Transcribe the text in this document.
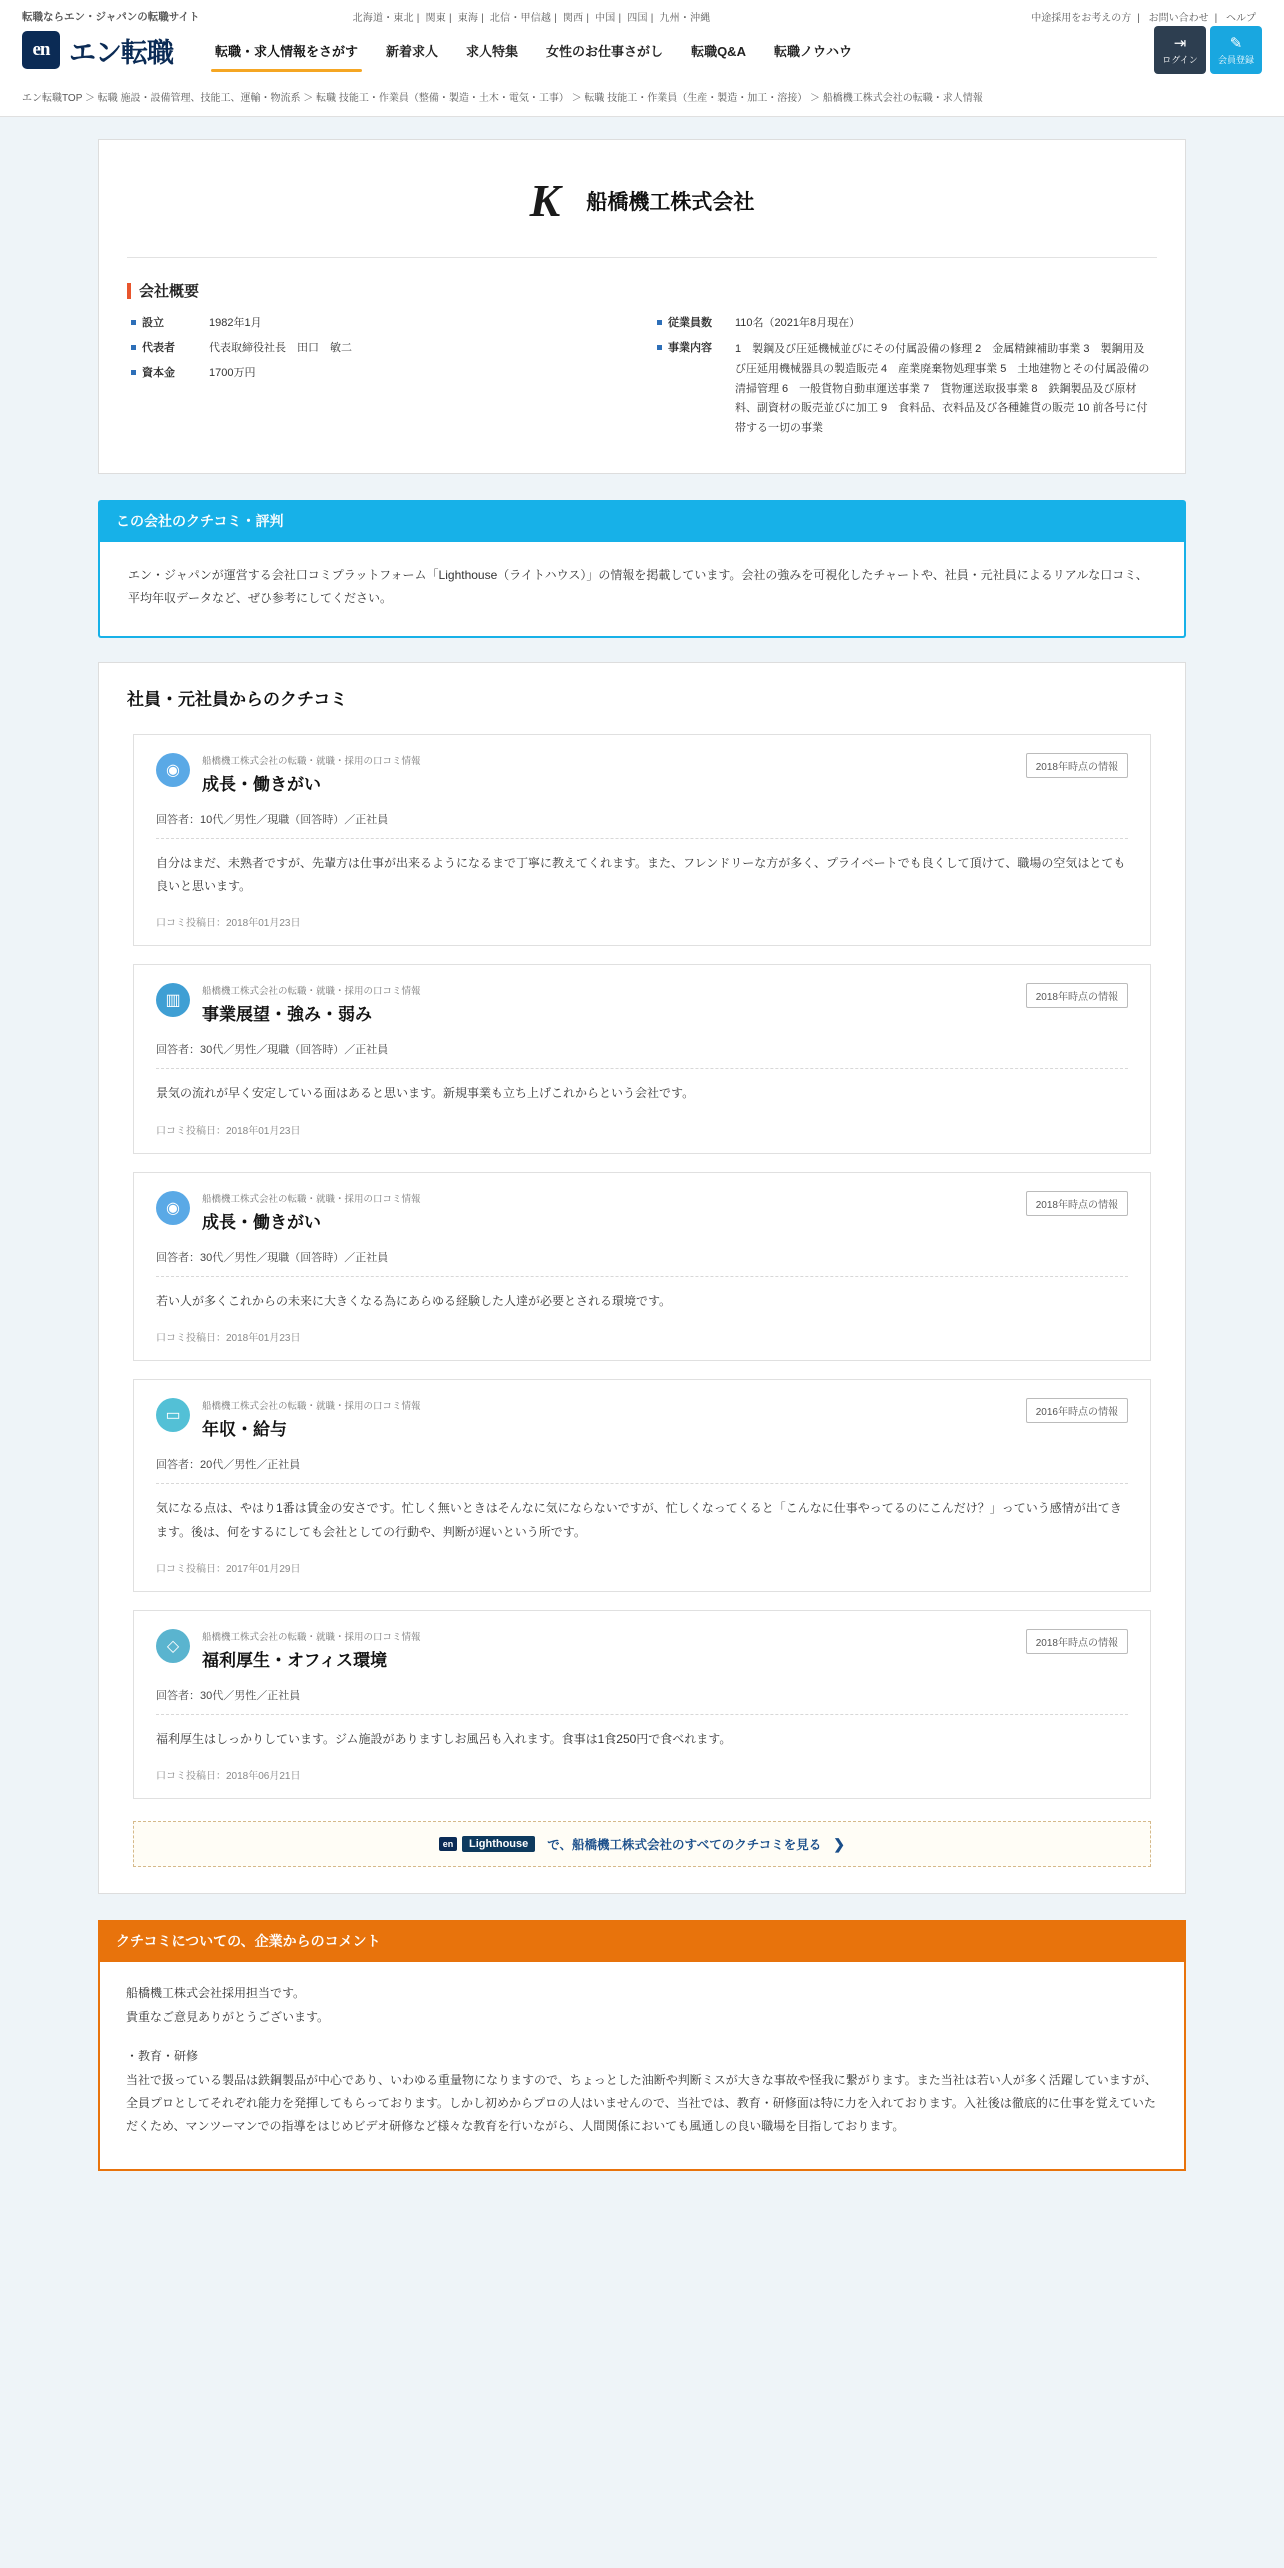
転職ならエン・ジャパンの転職サイト	北海道・東北 | 関東 | 東海 | 北信・甲信越 | 関西 | 中国 | 四国 | 九州・沖縄	中途採用をお考えの方 | お問い合わせ | ヘルプ
en エン転職	転職・求人情報をさがす	新着求人	求人特集	女性のお仕事さがし	転職Q&A	転職ノウハウ	⇥
ログイン
✎
会員登録
エン転職TOP ＞ 転職 施設・設備管理、技能工、運輸・物流系 ＞ 転職 技能工・作業員（整備・製造・土木・電気・工事） ＞ 転職 技能工・作業員（生産・製造・加工・溶接） ＞ 船橋機工株式会社の転職・求人情報
K 船橋機工株式会社
会社概要
設立	1982年1月
代表者	代表取締役社長　田口　敏二
資本金	1700万円
従業員数	110名（2021年8月現在）
事業内容	1　製鋼及び圧延機械並びにその付属設備の修理 2　金属精錬補助事業 3　製鋼用及び圧延用機械器具の製造販売 4　産業廃棄物処理事業 5　土地建物とその付属設備の清掃管理 6　一般貨物自動車運送事業 7　貨物運送取扱事業 8　鉄鋼製品及び原材料、副資材の販売並びに加工 9　食料品、衣料品及び各種雑貨の販売 10 前各号に付帯する一切の事業
この会社のクチコミ・評判

エン・ジャパンが運営する会社口コミプラットフォーム「Lighthouse（ライトハウス）」の情報を掲載しています。会社の強みを可視化したチャートや、社員・元社員によるリアルな口コミ、平均年収データなど、ぜひ参考にしてください。

社員・元社員からのクチコミ
◉
船橋機工株式会社の転職・就職・採用の口コミ情報
成長・働きがい
2018年時点の情報
回答者：10代／男性／現職（回答時）／正社員
自分はまだ、未熟者ですが、先輩方は仕事が出来るようになるまで丁寧に教えてくれます。また、フレンドリーな方が多く、プライベートでも良くして頂けて、職場の空気はとても良いと思います。
口コミ投稿日：2018年01月23日
▥
船橋機工株式会社の転職・就職・採用の口コミ情報
事業展望・強み・弱み
2018年時点の情報
回答者：30代／男性／現職（回答時）／正社員
景気の流れが早く安定している面はあると思います。新規事業も立ち上げこれからという会社です。
口コミ投稿日：2018年01月23日
◉
船橋機工株式会社の転職・就職・採用の口コミ情報
成長・働きがい
2018年時点の情報
回答者：30代／男性／現職（回答時）／正社員
若い人が多くこれからの未来に大きくなる為にあらゆる経験した人達が必要とされる環境です。
口コミ投稿日：2018年01月23日
▭
船橋機工株式会社の転職・就職・採用の口コミ情報
年収・給与
2016年時点の情報
回答者：20代／男性／正社員
気になる点は、やはり1番は賃金の安さです。忙しく無いときはそんなに気にならないですが、忙しくなってくると「こんなに仕事やってるのにこんだけ？」っていう感情が出てきます。後は、何をするにしても会社としての行動や、判断が遅いという所です。
口コミ投稿日：2017年01月29日
◇
船橋機工株式会社の転職・就職・採用の口コミ情報
福利厚生・オフィス環境
2018年時点の情報
回答者：30代／男性／正社員
福利厚生はしっかりしています。ジム施設がありますしお風呂も入れます。食事は1食250円で食べれます。
口コミ投稿日：2018年06月21日
en	Lighthouse	で、船橋機工株式会社のすべてのクチコミを見る ❯
クチコミについての、企業からのコメント

船橋機工株式会社採用担当です。

貴重なご意見ありがとうございます。

・教育・研修

当社で扱っている製品は鉄鋼製品が中心であり、いわゆる重量物になりますので、ちょっとした油断や判断ミスが大きな事故や怪我に繋がります。また当社は若い人が多く活躍していますが、全員プロとしてそれぞれ能力を発揮してもらっております。しかし初めからプロの人はいませんので、当社では、教育・研修面は特に力を入れております。入社後は徹底的に仕事を覚えていただくため、マンツーマンでの指導をはじめビデオ研修など様々な教育を行いながら、人間関係においても風通しの良い職場を目指しております。
